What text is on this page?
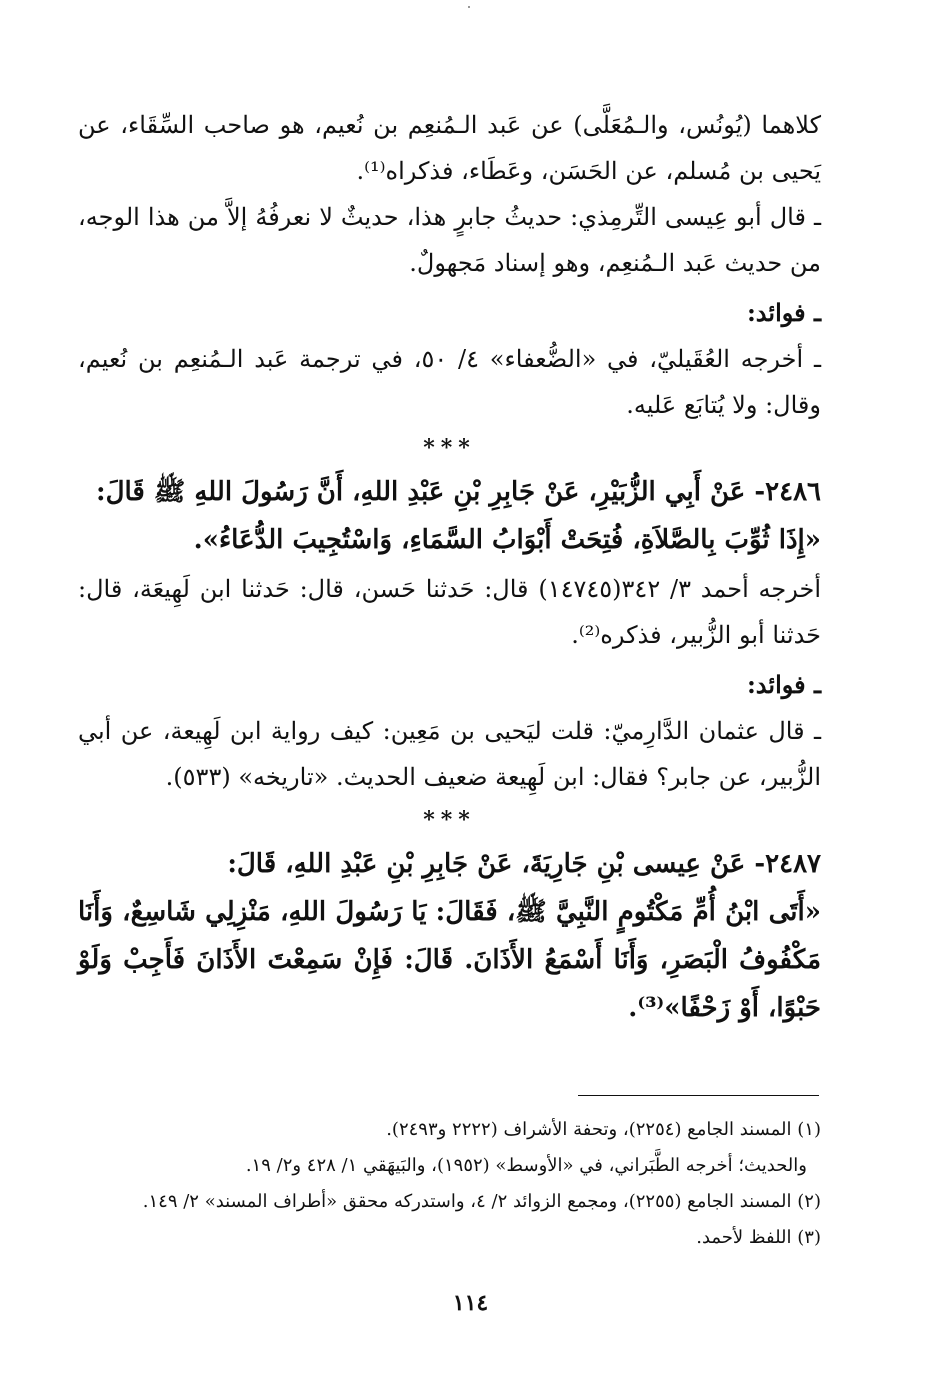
كلاهما (يُونُس، والـمُعَلَّى) عن عَبد الـمُنعِم بن نُعيم، هو صاحب السِّقَاء، عن يَحيى بن مُسلم، عن الحَسَن، وعَطَاء، فذكراه⁽¹⁾.

ـ قال أبو عِيسى التِّرمِذي: حديثُ جابرٍ هذا، حديثٌ لا نعرفُهُ إلاَّ من هذا الوجه، من حديث عَبد الـمُنعِم، وهو إسناد مَجهولٌ.

ـ فوائد:

ـ أخرجه العُقَيليّ، في «الضُّعفاء» ٤/ ٥٠، في ترجمة عَبد الـمُنعِم بن نُعيم، وقال: ولا يُتابَع عَليه.

***

٢٤٨٦- عَنْ أَبِي الزُّبَيْرِ، عَنْ جَابِرِ بْنِ عَبْدِ اللهِ، أَنَّ رَسُولَ اللهِ ﷺ قَالَ:

«إِذَا ثُوِّبَ بِالصَّلاَةِ، فُتِحَتْ أَبْوَابُ السَّمَاءِ، وَاسْتُجِيبَ الدُّعَاءُ».

أخرجه أحمد ٣/ ٣٤٢(١٤٧٤٥) قال: حَدثنا حَسن، قال: حَدثنا ابن لَهِيعَة، قال: حَدثنا أبو الزُّبير، فذكره⁽²⁾.

ـ فوائد:

ـ قال عثمان الدَّارِميّ: قلت ليَحيى بن مَعِين: كيف رواية ابن لَهِيعة، عن أبي الزُّبير، عن جابر؟ فقال: ابن لَهِيعة ضعيف الحديث. «تاريخه» (٥٣٣).

***

٢٤٨٧- عَنْ عِيسى بْنِ جَارِيَةَ، عَنْ جَابِرِ بْنِ عَبْدِ اللهِ، قَالَ:

«أَتَى ابْنُ أُمِّ مَكْتُومٍ النَّبِيَّ ﷺ، فَقَالَ: يَا رَسُولَ اللهِ، مَنْزِلِي شَاسِعٌ، وَأَنَا مَكْفُوفُ الْبَصَرِ، وَأَنَا أَسْمَعُ الأَذَانَ. قَالَ: فَإِنْ سَمِعْتَ الأَذَانَ فَأَجِبْ وَلَوْ حَبْوًا، أَوْ زَحْفًا»⁽³⁾.

(١) المسند الجامع (٢٢٥٤)، وتحفة الأشراف (٢٢٢٢ و٢٤٩٣).

والحديث؛ أخرجه الطَّبَراني، في «الأوسط» (١٩٥٢)، والبَيهَقي ١/ ٤٢٨ و٢/ ١٩.

(٢) المسند الجامع (٢٢٥٥)، ومجمع الزوائد ٢/ ٤، واستدركه محقق «أطراف المسند» ٢/ ١٤٩.

(٣) اللفظ لأحمد.

١١٤
